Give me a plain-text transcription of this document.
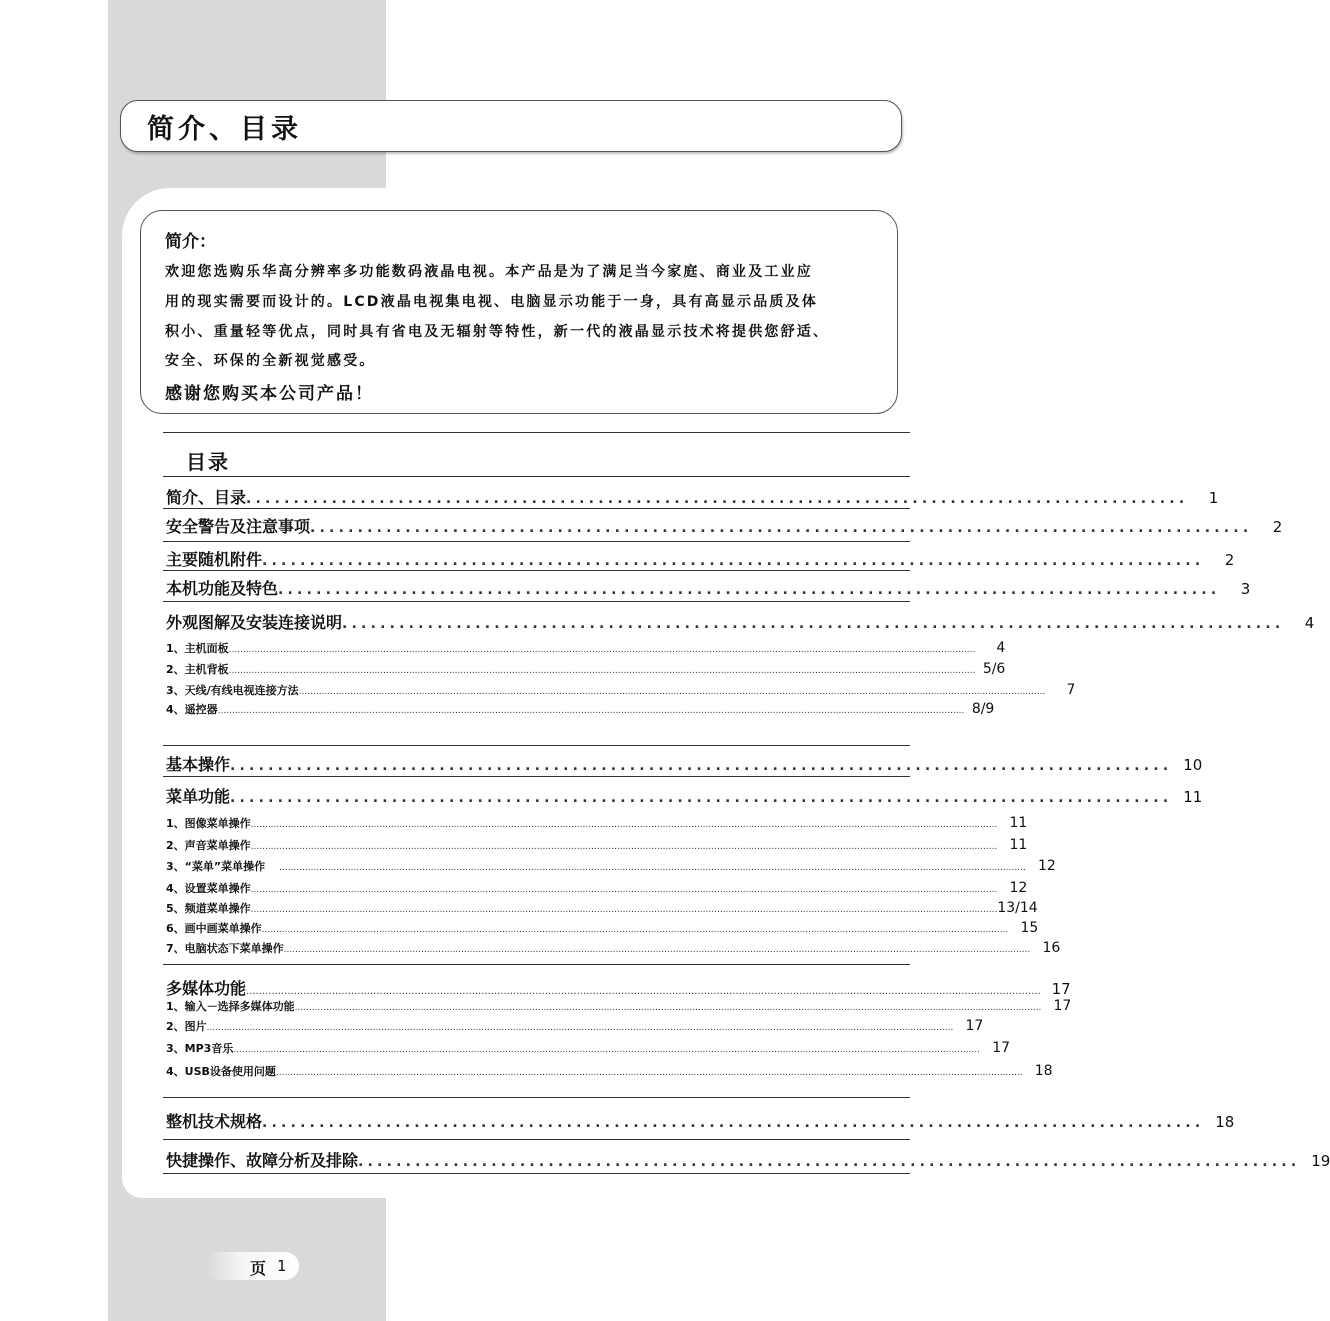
简介、目录
简介：
欢迎您选购乐华高分辨率多功能数码液晶电视。本产品是为了满足当今家庭、商业及工业应
用的现实需要而设计的。LCD液晶电视集电视、电脑显示功能于一身，具有高显示品质及体
积小、重量轻等优点，同时具有省电及无辐射等特性，新一代的液晶显示技术将提供您舒适、
安全、环保的全新视觉感受。
感谢您购买本公司产品！
目录
简介、目录 ...................................................................................................	1
安全警告及注意事项 ...................................................................................................	2
主要随机附件 ...................................................................................................	2
本机功能及特色 ...................................................................................................	3
外观图解及安装连接说明 ...................................................................................................	4
1、主机面板 .....................................................................................................................................................................................................................................................................	4
2、主机背板 ..................................................................................................................................................................................................................................................................... 5/6
3、天线/有线电视连接方法 .....................................................................................................................................................................................................................................................................	7
4、遥控器 ..................................................................................................................................................................................................................................................................... 8/9
基本操作 ................................................................................................... 10
菜单功能 ................................................................................................... 11
1、图像菜单操作 ..................................................................................................................................................................................................................................................................... 11
2、声音菜单操作 ..................................................................................................................................................................................................................................................................... 11
3、“菜单”菜单操作	..................................................................................................................................................................................................................................................................... 12
4、设置菜单操作 ..................................................................................................................................................................................................................................................................... 12
5、频道菜单操作 ..................................................................................................................................................................................................................................................................... 13/14
6、画中画菜单操作 ..................................................................................................................................................................................................................................................................... 15
7、电脑状态下菜单操作 ..................................................................................................................................................................................................................................................................... 16
多媒体功能 .......................................................................................................................................................................................................................................................... 17
1、输入－选择多媒体功能 ..................................................................................................................................................................................................................................................................... 17
2、图片 ..................................................................................................................................................................................................................................................................... 17
3、MP3音乐 ..................................................................................................................................................................................................................................................................... 17
4、USB设备使用问题 ..................................................................................................................................................................................................................................................................... 18
整机技术规格 ................................................................................................... 18
快捷操作、故障分析及排除 ................................................................................................... 19
页 1
